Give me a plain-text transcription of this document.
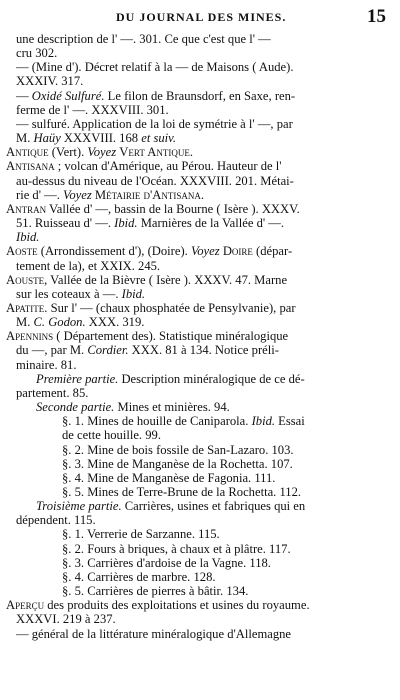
DU JOURNAL DES MINES.	15
une description de l' —. 301. Ce que c'est que l' —
cru 302.
— (Mine d'). Décret relatif à la — de Maisons ( Aude).
XXXIV. 317.
— Oxidé Sulfuré. Le filon de Braunsdorf, en Saxe, ren-
ferme de l' —. XXXVIII. 301.
— sulfuré. Application de la loi de symétrie à l' —, par
M. Haüy XXXVIII. 168 et suiv.
Antique (Vert). Voyez Vert Antique.
Antisana ; volcan d'Amérique, au Pérou. Hauteur de l'
au-dessus du niveau de l'Océan. XXXVIII. 201. Métai-
rie d' —. Voyez Métairie d'Antisana.
Antran Vallée d' —, bassin de la Bourne ( Isère ). XXXV.
51. Ruisseau d' —. Ibid. Marnières de la Vallée d' —.
Ibid.
Aoste (Arrondissement d'), (Doire). Voyez Doire (dépar-
tement de la), et XXIX. 245.
Aouste, Vallée de la Bièvre ( Isère ). XXXV. 47. Marne
sur les coteaux à —. Ibid.
Apatite. Sur l' — (chaux phosphatée de Pensylvanie), par
M. C. Godon. XXX. 319.
Apennins ( Département des). Statistique minéralogique
du —, par M. Cordier. XXX. 81 à 134. Notice préli-
minaire. 81.
Première partie. Description minéralogique de ce dé-
partement. 85.
Seconde partie. Mines et minières. 94.
§. 1. Mines de houille de Caniparola. Ibid. Essai
de cette houille. 99.
§. 2. Mine de bois fossile de San-Lazaro. 103.
§. 3. Mine de Manganèse de la Rochetta. 107.
§. 4. Mine de Manganèse de Fagonia. 111.
§. 5. Mines de Terre-Brune de la Rochetta. 112.
Troisième partie. Carrières, usines et fabriques qui en
dépendent. 115.
§. 1. Verrerie de Sarzanne. 115.
§. 2. Fours à briques, à chaux et à plâtre. 117.
§. 3. Carrières d'ardoise de la Vagne. 118.
§. 4. Carrières de marbre. 128.
§. 5. Carrières de pierres à bâtir. 134.
Aperçu des produits des exploitations et usines du royaume.
XXXVI. 219 à 237.
— général de la littérature minéralogique d'Allemagne
